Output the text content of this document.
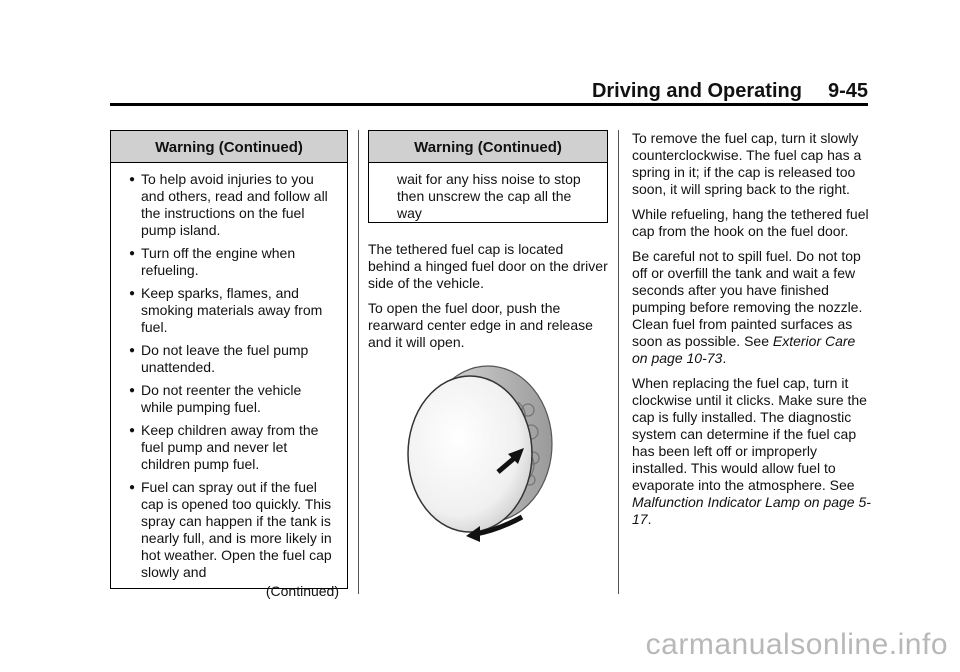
Driving and Operating 9-45
Warning (Continued)
● To help avoid injuries to you and others, read and follow all the instructions on the fuel pump island.
● Turn off the engine when refueling.
● Keep sparks, flames, and smoking materials away from fuel.
● Do not leave the fuel pump unattended.
● Do not reenter the vehicle while pumping fuel.
● Keep children away from the fuel pump and never let children pump fuel.
● Fuel can spray out if the fuel cap is opened too quickly. This spray can happen if the tank is nearly full, and is more likely in hot weather. Open the fuel cap slowly and
(Continued)
Warning (Continued)
wait for any hiss noise to stop then unscrew the cap all the way

The tethered fuel cap is located behind a hinged fuel door on the driver side of the vehicle.

To open the fuel door, push the rearward center edge in and release and it will open.

To remove the fuel cap, turn it slowly counterclockwise. The fuel cap has a spring in it; if the cap is released too soon, it will spring back to the right.

While refueling, hang the tethered fuel cap from the hook on the fuel door.

Be careful not to spill fuel. Do not top off or overfill the tank and wait a few seconds after you have finished pumping before removing the nozzle. Clean fuel from painted surfaces as soon as possible. See Exterior Care on page 10-73.

When replacing the fuel cap, turn it clockwise until it clicks. Make sure the cap is fully installed. The diagnostic system can determine if the fuel cap has been left off or improperly installed. This would allow fuel to evaporate into the atmosphere. See Malfunction Indicator Lamp on page 5-17.

carmanualsonline.info
